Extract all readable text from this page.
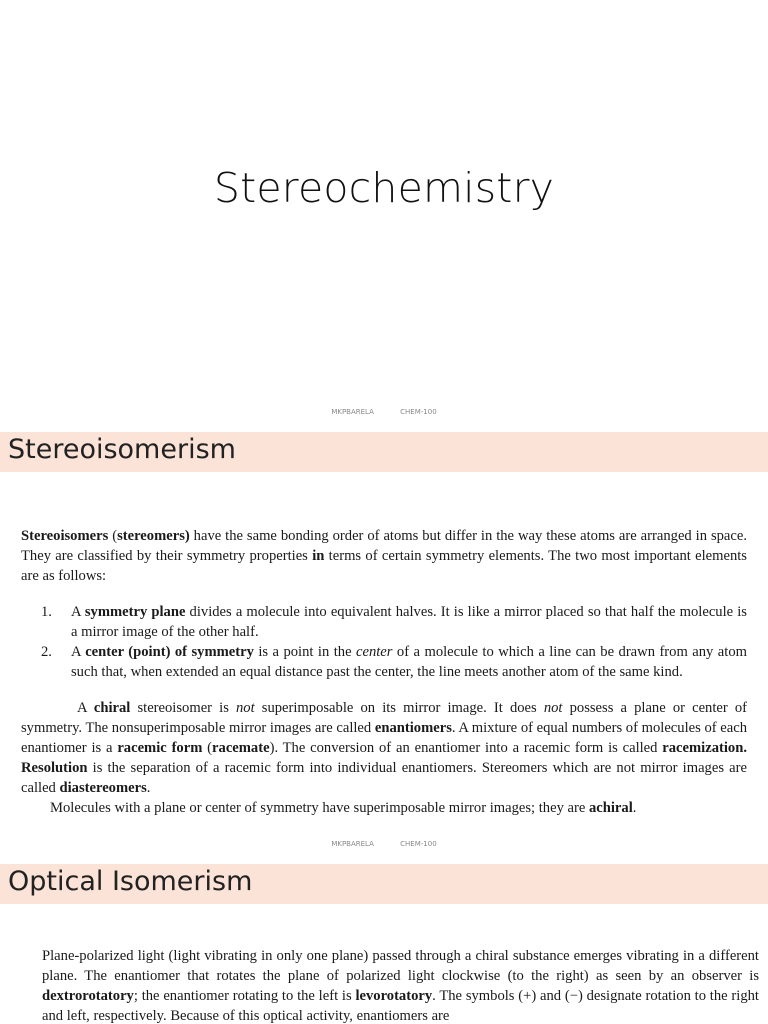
Stereochemistry
MKPBARELA	CHEM-100
Stereoisomerism

Stereoisomers (stereomers) have the same bonding order of atoms but differ in the way these atoms are arranged in space. They are classified by their symmetry properties in terms of certain symmetry elements. The two most important elements are as follows:

1. A symmetry plane divides a molecule into equivalent halves. It is like a mirror placed so that half the molecule is a mirror image of the other half.
2. A center (point) of symmetry is a point in the center of a molecule to which a line can be drawn from any atom such that, when extended an equal distance past the center, the line meets another atom of the same kind.

A chiral stereoisomer is not superimposable on its mirror image. It does not possess a plane or center of symmetry. The nonsuperimposable mirror images are called enantiomers. A mixture of equal numbers of molecules of each enantiomer is a racemic form (racemate). The conversion of an enantiomer into a racemic form is called racemization. Resolution is the separation of a racemic form into individual enantiomers. Stereomers which are not mirror images are called diastereomers.

Molecules with a plane or center of symmetry have superimposable mirror images; they are achiral.

MKPBARELA	CHEM-100
Optical Isomerism

Plane-polarized light (light vibrating in only one plane) passed through a chiral substance emerges vibrating in a different plane. The enantiomer that rotates the plane of polarized light clockwise (to the right) as seen by an observer is dextrorotatory; the enantiomer rotating to the left is levorotatory. The symbols (+) and (−) designate rotation to the right and left, respectively. Because of this optical activity, enantiomers are
